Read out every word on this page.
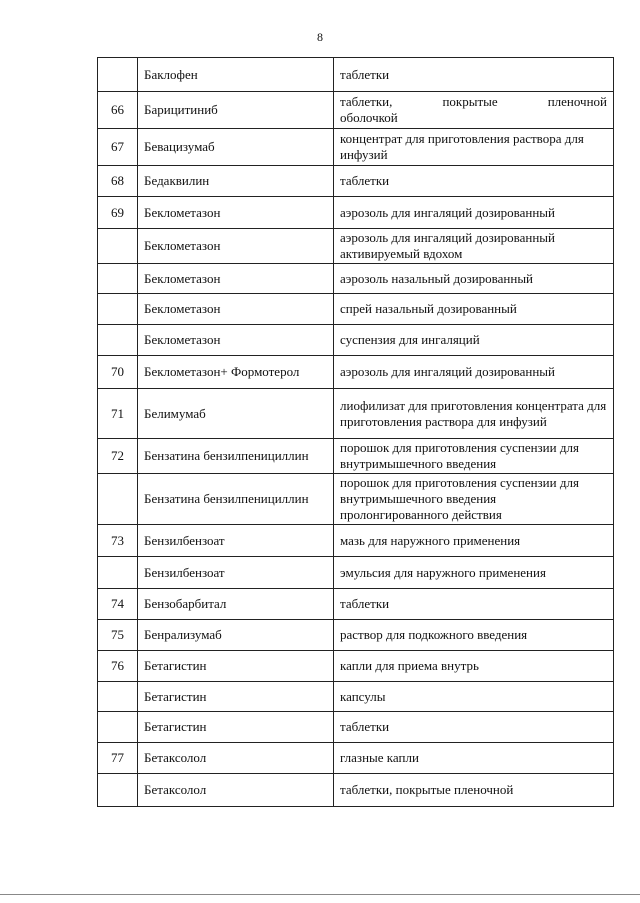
8
	Баклофен	таблетки
66	Барицитиниб	таблетки, покрытые пленочной
оболочкой
67	Бевацизумаб	концентрат для приготовления раствора для инфузий
68	Бедаквилин	таблетки
69	Беклометазон	аэрозоль для ингаляций дозированный
	Беклометазон	аэрозоль для ингаляций дозированный активируемый вдохом
	Беклометазон	аэрозоль назальный дозированный
	Беклометазон	спрей назальный дозированный
	Беклометазон	суспензия для ингаляций
70	Беклометазон+ Формотерол	аэрозоль для ингаляций дозированный
71	Белимумаб	лиофилизат для приготовления концентрата для приготовления раствора для инфузий
72	Бензатина бензилпенициллин	порошок для приготовления суспензии для внутримышечного введения
	Бензатина бензилпенициллин	порошок для приготовления суспензии для внутримышечного введения пролонгированного действия
73	Бензилбензоат	мазь для наружного применения
	Бензилбензоат	эмульсия для наружного применения
74	Бензобарбитал	таблетки
75	Бенрализумаб	раствор для подкожного введения
76	Бетагистин	капли для приема внутрь
	Бетагистин	капсулы
	Бетагистин	таблетки
77	Бетаксолол	глазные капли
	Бетаксолол	таблетки, покрытые пленочной
